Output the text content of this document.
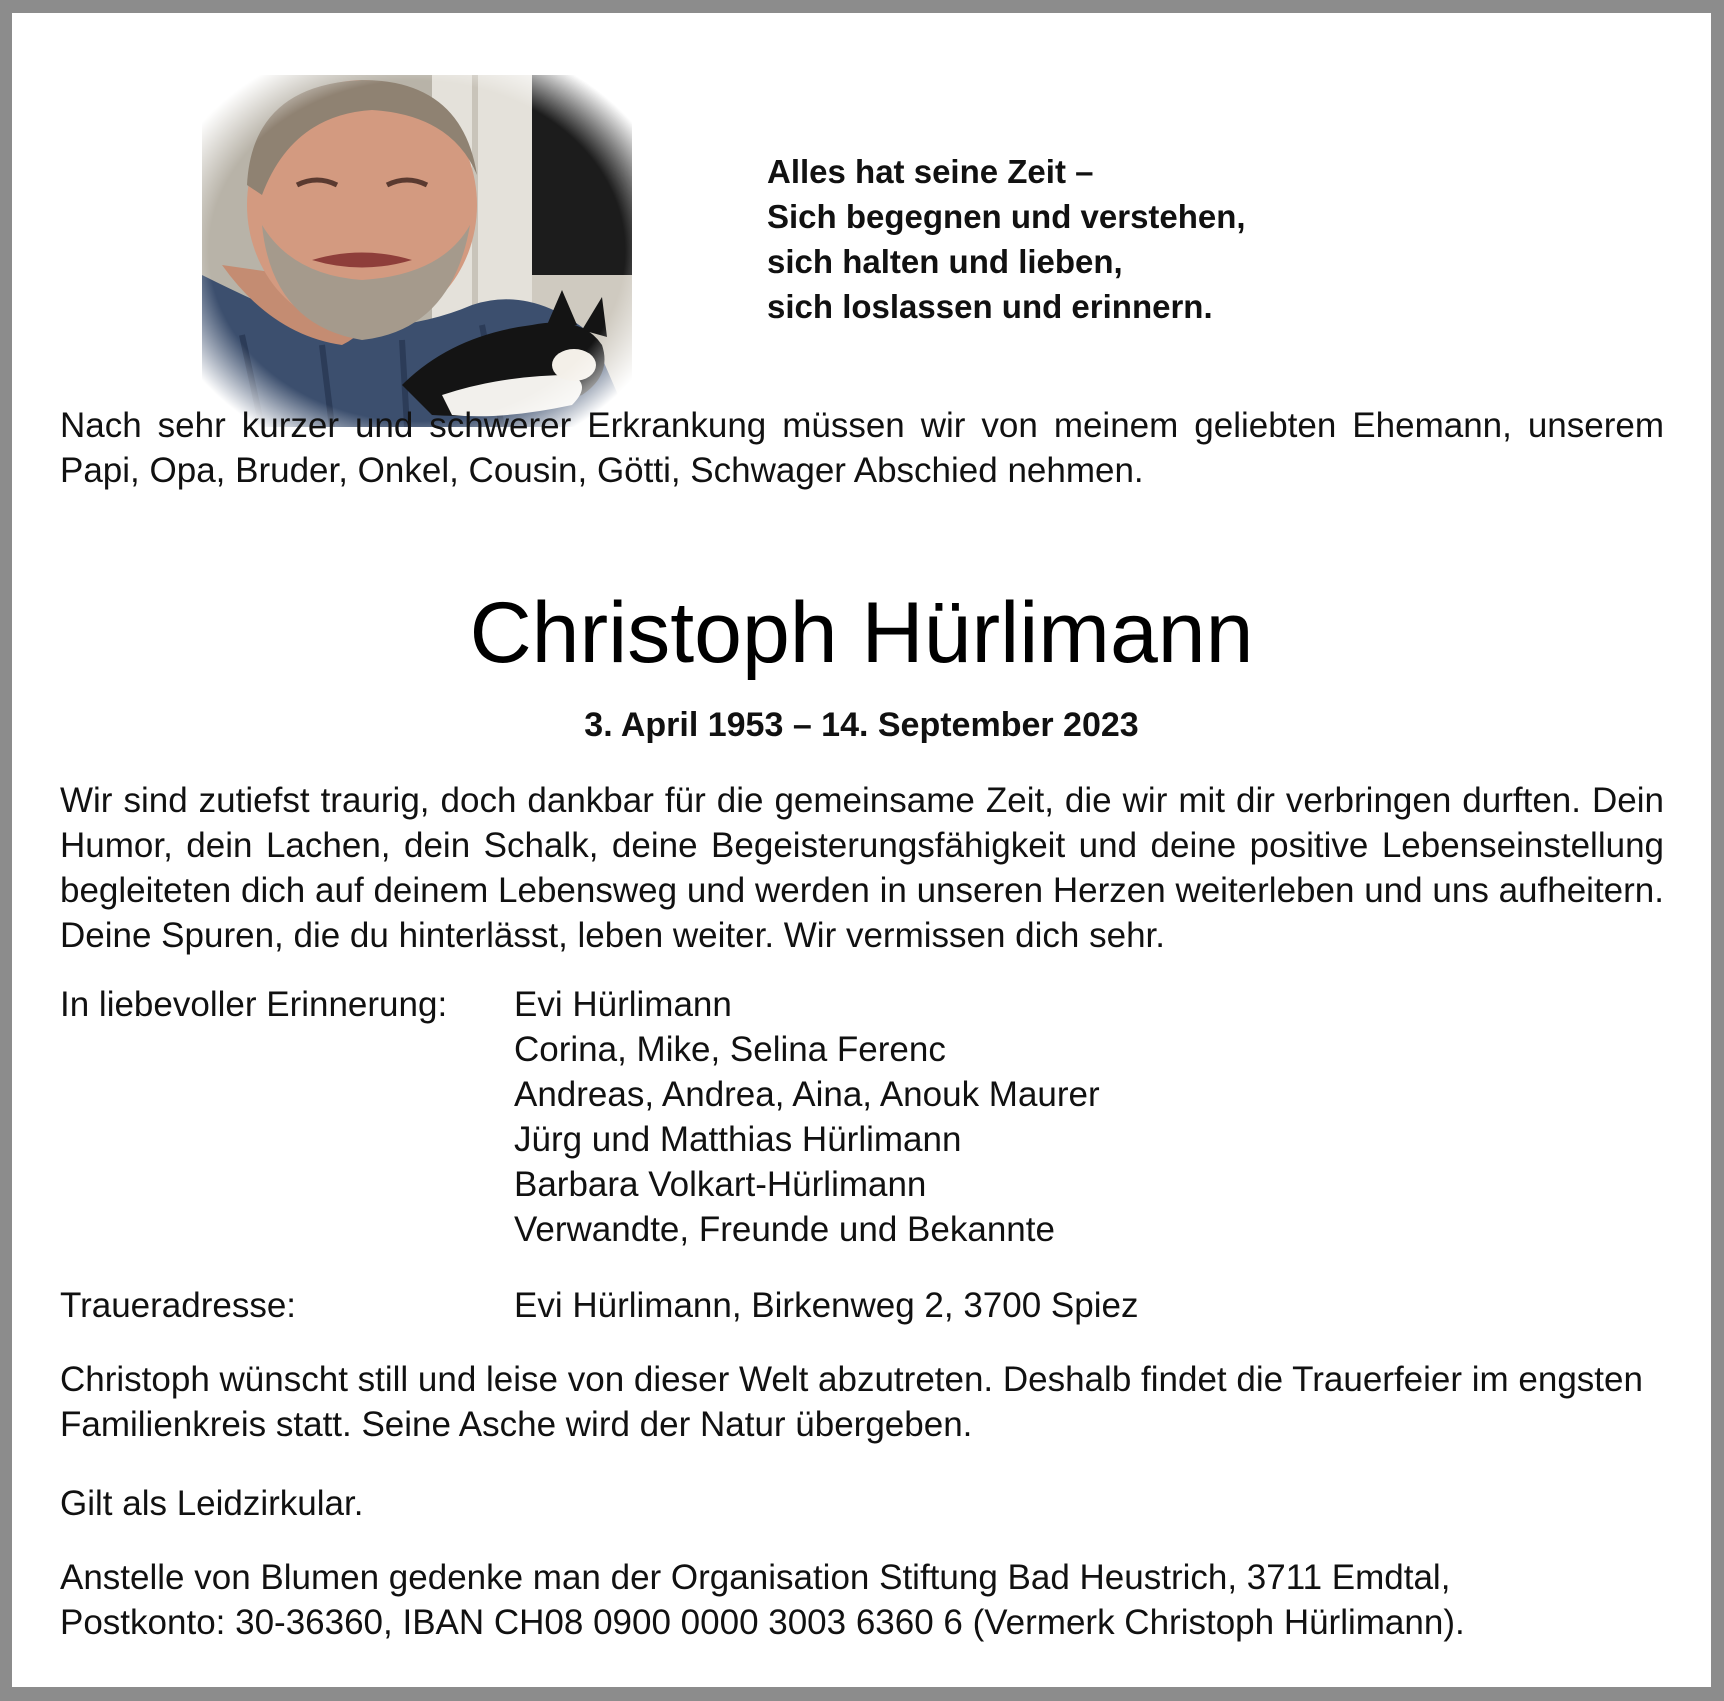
Alles hat seine Zeit –
Sich begegnen und verstehen,
sich halten und lieben,
sich loslassen und erinnern.
Nach sehr kurzer und schwerer Erkrankung müssen wir von meinem geliebten Ehemann, unserem Papi, Opa, Bruder, Onkel, Cousin, Götti, Schwager Abschied nehmen.
Christoph Hürlimann
3. April 1953 – 14. September 2023
Wir sind zutiefst traurig, doch dankbar für die gemeinsame Zeit, die wir mit dir verbringen durften. Dein Humor, dein Lachen, dein Schalk, deine Begeisterungsfähigkeit und deine positive Lebenseinstellung begleiteten dich auf deinem Lebensweg und werden in unseren Herzen weiterleben und uns aufheitern. Deine Spuren, die du hinterlässt, leben weiter. Wir vermissen dich sehr.
In liebevoller Erinnerung: Evi Hürlimann
Corina, Mike, Selina Ferenc
Andreas, Andrea, Aina, Anouk Maurer
Jürg und Matthias Hürlimann
Barbara Volkart-Hürlimann
Verwandte, Freunde und Bekannte
Traueradresse:	Evi Hürlimann, Birkenweg 2, 3700 Spiez
Christoph wünscht still und leise von dieser Welt abzutreten. Deshalb findet die Trauerfeier im engsten Familienkreis statt. Seine Asche wird der Natur übergeben.
Gilt als Leidzirkular.
Anstelle von Blumen gedenke man der Organisation Stiftung Bad Heustrich, 3711 Emdtal,
Postkonto: 30-36360, IBAN CH08 0900 0000 3003 6360 6 (Vermerk Christoph Hürlimann).
